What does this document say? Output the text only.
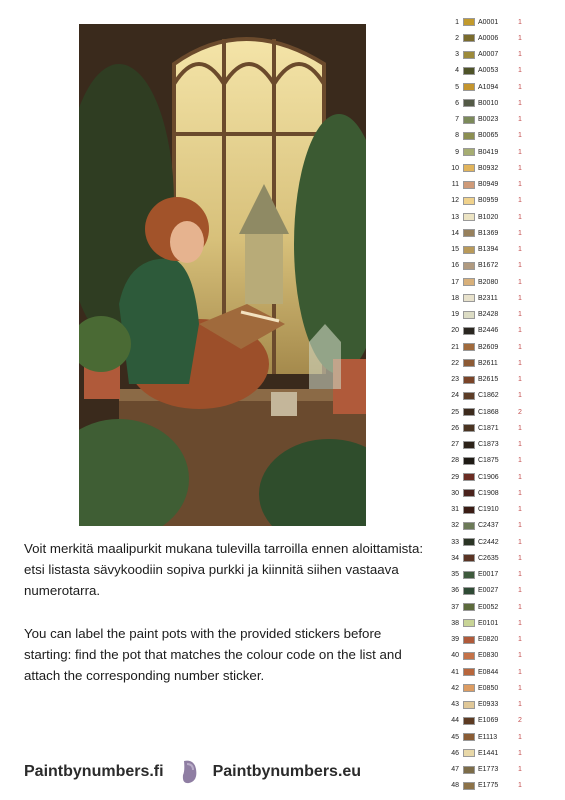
1	A0001	1
2	A0006	1
3	A0007	1
4	A0053	1
5	A1094	1
6	B0010	1
7	B0023	1
8	B0065	1
9	B0419	1
10	B0932	1
11	B0949	1
12	B0959	1
13	B1020	1
14	B1369	1
15	B1394	1
16	B1672	1
17	B2080	1
18	B2311	1
19	B2428	1
20	B2446	1
21	B2609	1
22	B2611	1
23	B2615	1
24	C1862	1
25	C1868	2
26	C1871	1
27	C1873	1
28	C1875	1
29	C1906	1
30	C1908	1
31	C1910	1
32	C2437	1
33	C2442	1
34	C2635	1
35	E0017	1
36	E0027	1
37	E0052	1
38	E0101	1
39	E0820	1
40	E0830	1
41	E0844	1
42	E0850	1
43	E0933	1
44	E1069	2
45	E1113	1
46	E1441	1
47	E1773	1
48	E1775	1
Voit merkitä maalipurkit mukana tulevilla tarroilla ennen aloittamista: etsi listasta sävykoodiin sopiva purkki ja kiinnitä siihen vastaava numerotarra.
You can label the paint pots with the provided stickers before starting: find the pot that matches the colour code on the list and attach the corresponding number sticker.
Paintbynumbers.fi	Paintbynumbers.eu
